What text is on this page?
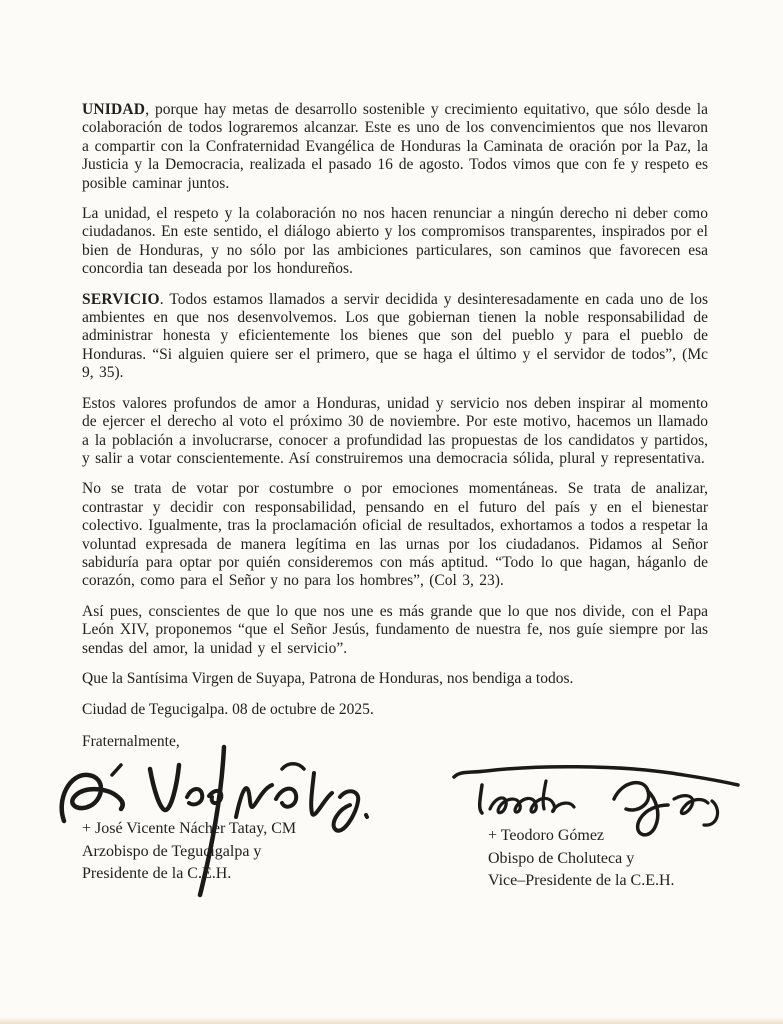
UNIDAD, porque hay metas de desarrollo sostenible y crecimiento equitativo, que sólo desde la colaboración de todos lograremos alcanzar. Este es uno de los convencimientos que nos llevaron a compartir con la Confraternidad Evangélica de Honduras la Caminata de oración por la Paz, la Justicia y la Democracia, realizada el pasado 16 de agosto. Todos vimos que con fe y respeto es posible caminar juntos.

La unidad, el respeto y la colaboración no nos hacen renunciar a ningún derecho ni deber como ciudadanos. En este sentido, el diálogo abierto y los compromisos transparentes, inspirados por el bien de Honduras, y no sólo por las ambiciones particulares, son caminos que favorecen esa concordia tan deseada por los hondureños.

SERVICIO. Todos estamos llamados a servir decidida y desinteresadamente en cada uno de los ambientes en que nos desenvolvemos. Los que gobiernan tienen la noble responsabilidad de administrar honesta y eficientemente los bienes que son del pueblo y para el pueblo de Honduras. “Si alguien quiere ser el primero, que se haga el último y el servidor de todos”, (Mc 9, 35).

Estos valores profundos de amor a Honduras, unidad y servicio nos deben inspirar al momento de ejercer el derecho al voto el próximo 30 de noviembre. Por este motivo, hacemos un llamado a la población a involucrarse, conocer a profundidad las propuestas de los candidatos y partidos, y salir a votar conscientemente. Así construiremos una democracia sólida, plural y representativa.

No se trata de votar por costumbre o por emociones momentáneas. Se trata de analizar, contrastar y decidir con responsabilidad, pensando en el futuro del país y en el bienestar colectivo. Igualmente, tras la proclamación oficial de resultados, exhortamos a todos a respetar la voluntad expresada de manera legítima en las urnas por los ciudadanos. Pidamos al Señor sabiduría para optar por quién consideremos con más aptitud. “Todo lo que hagan, háganlo de corazón, como para el Señor y no para los hombres”, (Col 3, 23).

Así pues, conscientes de que lo que nos une es más grande que lo que nos divide, con el Papa León XIV, proponemos “que el Señor Jesús, fundamento de nuestra fe, nos guíe siempre por las sendas del amor, la unidad y el servicio”.

Que la Santísima Virgen de Suyapa, Patrona de Honduras, nos bendiga a todos.

Ciudad de Tegucigalpa. 08 de octubre de 2025.

Fraternalmente,

+ José Vicente Nácher Tatay, CM
Arzobispo de Tegucigalpa y
Presidente de la C.E.H.
+ Teodoro Gómez
Obispo de Choluteca y
Vice–Presidente de la C.E.H.
